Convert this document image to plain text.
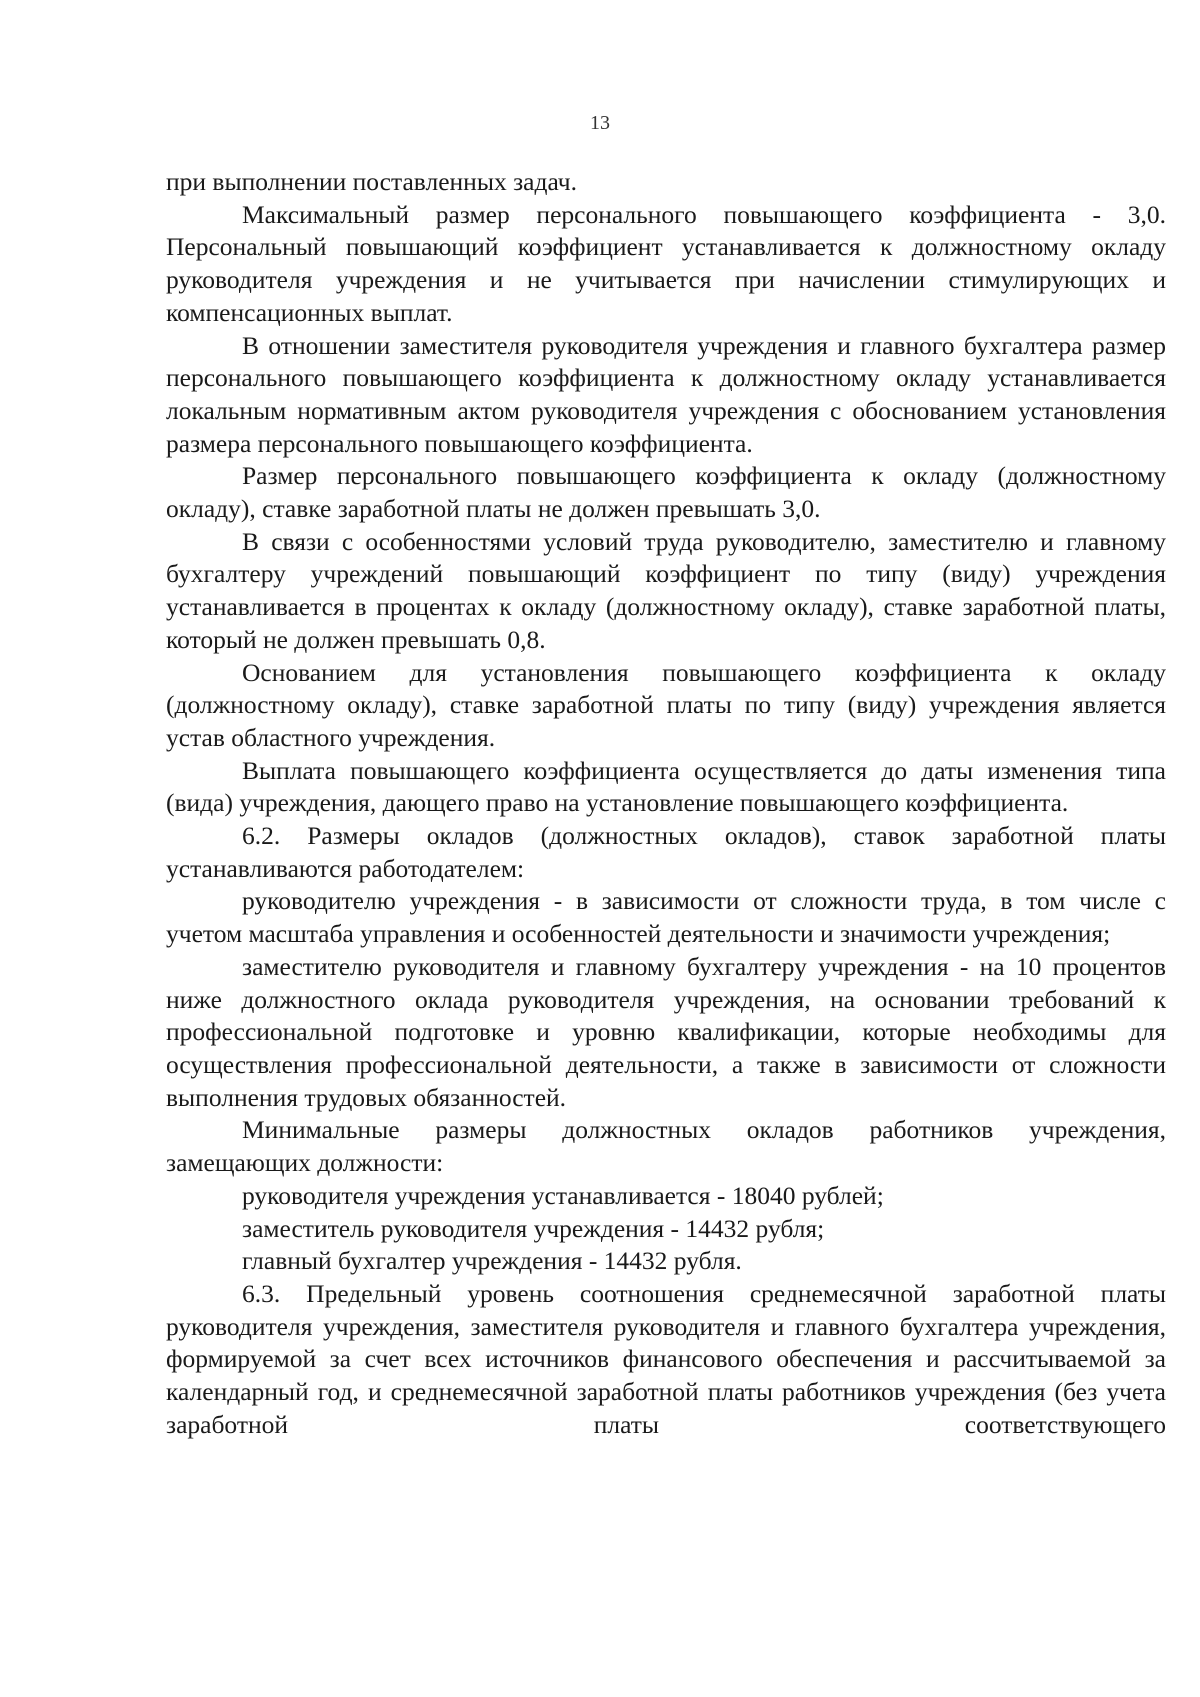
13

при выполнении поставленных задач.

Максимальный размер персонального повышающего коэффициента - 3,0. Персональный повышающий коэффициент устанавливается к должностному окладу руководителя учреждения и не учитывается при начислении стимулирующих и компенсационных выплат.

В отношении заместителя руководителя учреждения и главного бухгалтера размер персонального повышающего коэффициента к должностному окладу устанавливается локальным нормативным актом руководителя учреждения с обоснованием установления размера персонального повышающего коэффициента.

Размер персонального повышающего коэффициента к окладу (должностному окладу), ставке заработной платы не должен превышать 3,0.

В связи с особенностями условий труда руководителю, заместителю и главному бухгалтеру учреждений повышающий коэффициент по типу (виду) учреждения устанавливается в процентах к окладу (должностному окладу), ставке заработной платы, который не должен превышать 0,8.

Основанием для установления повышающего коэффициента к окладу (должностному окладу), ставке заработной платы по типу (виду) учреждения является устав областного учреждения.

Выплата повышающего коэффициента осуществляется до даты изменения типа (вида) учреждения, дающего право на установление повышающего коэффициента.

6.2. Размеры окладов (должностных окладов), ставок заработной платы устанавливаются работодателем:

руководителю учреждения - в зависимости от сложности труда, в том числе с учетом масштаба управления и особенностей деятельности и значимости учреждения;

заместителю руководителя и главному бухгалтеру учреждения - на 10 процентов ниже должностного оклада руководителя учреждения, на основании требований к профессиональной подготовке и уровню квалификации, которые необходимы для осуществления профессиональной деятельности, а также в зависимости от сложности выполнения трудовых обязанностей.

Минимальные размеры должностных окладов работников учреждения, замещающих должности:

руководителя учреждения устанавливается - 18040 рублей;

заместитель руководителя учреждения - 14432 рубля;

главный бухгалтер учреждения - 14432 рубля.

6.3. Предельный уровень соотношения среднемесячной заработной платы руководителя учреждения, заместителя руководителя и главного бухгалтера учреждения, формируемой за счет всех источников финансового обеспечения и рассчитываемой за календарный год, и среднемесячной заработной платы работников учреждения (без учета заработной платы соответствующего
